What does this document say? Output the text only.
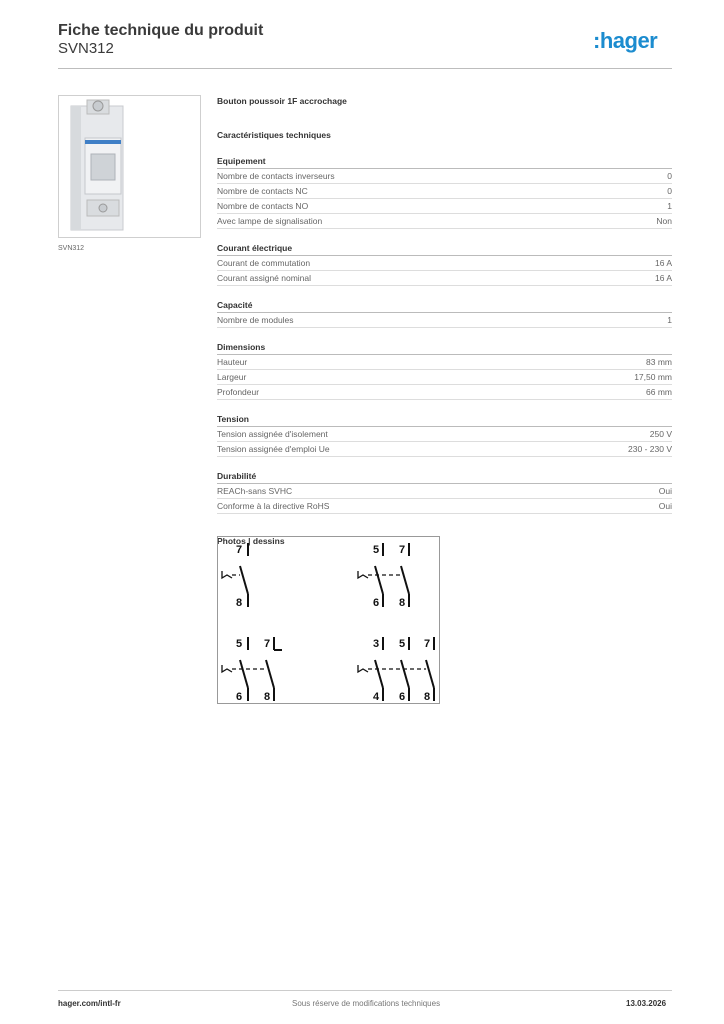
Fiche technique du produit
SVN312	:hager
SVN312
Bouton poussoir 1F accrochage
Caractéristiques techniques
Equipement
Nombre de contacts inverseurs	0
Nombre de contacts NC	0
Nombre de contacts NO	1
Avec lampe de signalisation	Non
Courant électrique
Courant de commutation	16 A
Courant assigné nominal	16 A
Capacité
Nombre de modules	1
Dimensions
Hauteur	83 mm
Largeur	17,50 mm
Profondeur	66 mm
Tension
Tension assignée d'isolement	250 V
Tension assignée d'emploi Ue	230 - 230 V
Durabilité
REACh-sans SVHC	Oui
Conforme à la directive RoHS	Oui
Photos | dessins
7
8
5 7
6 8
5 7
6 8
3 5 7
4 6 8
hager.com/intl-fr	Sous réserve de modifications techniques	13.03.2026
